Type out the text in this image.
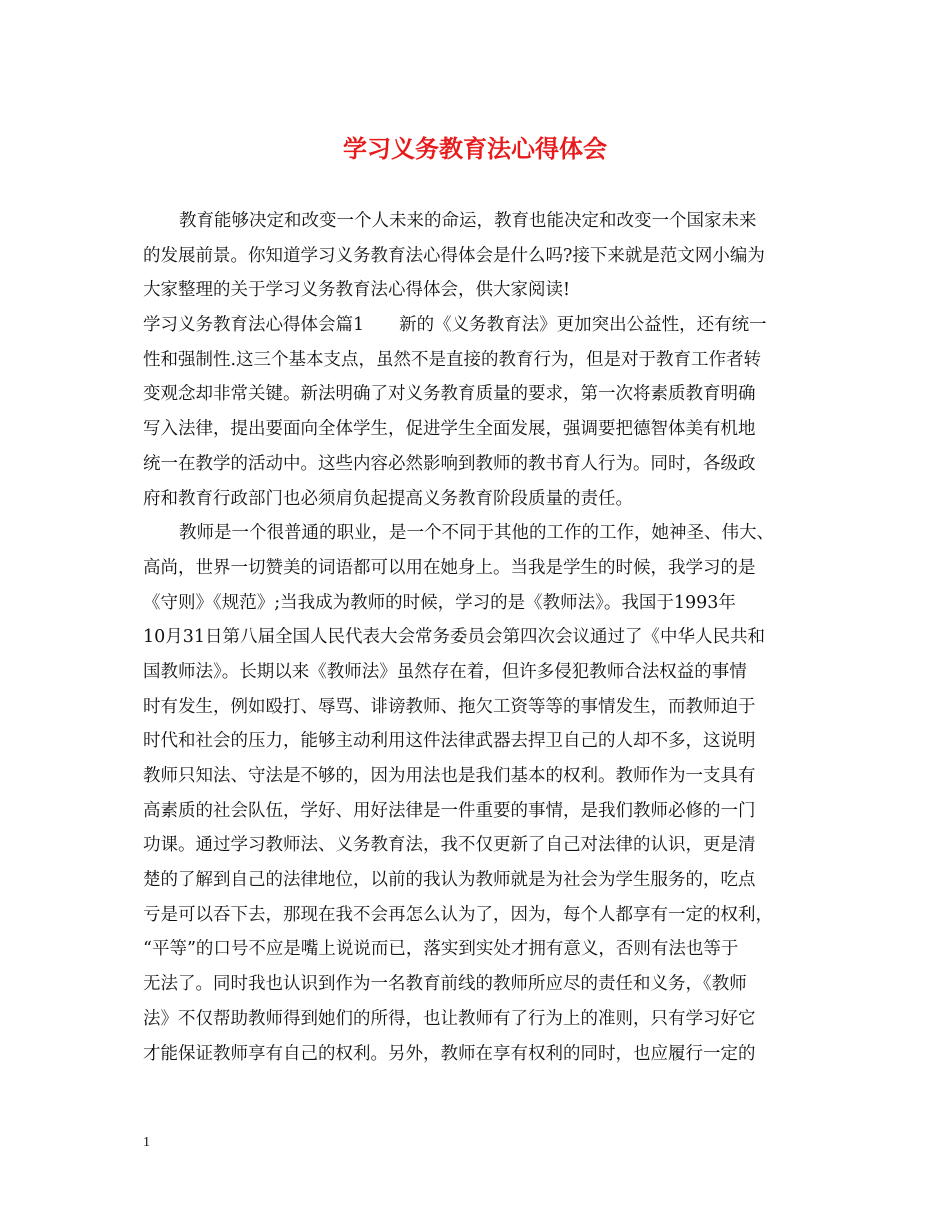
学习义务教育法心得体会
教育能够决定和改变一个人未来的命运，教育也能决定和改变一个国家未来
的发展前景。你知道学习义务教育法心得体会是什么吗?接下来就是范文网小编为
大家整理的关于学习义务教育法心得体会，供大家阅读!
学习义务教育法心得体会篇1　　新的《义务教育法》更加突出公益性，还有统一
性和强制性.这三个基本支点，虽然不是直接的教育行为，但是对于教育工作者转
变观念却非常关键。新法明确了对义务教育质量的要求，第一次将素质教育明确
写入法律，提出要面向全体学生，促进学生全面发展，强调要把德智体美有机地
统一在教学的活动中。这些内容必然影响到教师的教书育人行为。同时，各级政
府和教育行政部门也必须肩负起提高义务教育阶段质量的责任。
教师是一个很普通的职业，是一个不同于其他的工作的工作，她神圣、伟大、
高尚，世界一切赞美的词语都可以用在她身上。当我是学生的时候，我学习的是
《守则》《规范》;当我成为教师的时候，学习的是《教师法》。我国于1993年
10月31日第八届全国人民代表大会常务委员会第四次会议通过了《中华人民共和
国教师法》。长期以来《教师法》虽然存在着，但许多侵犯教师合法权益的事情
时有发生，例如殴打、辱骂、诽谤教师、拖欠工资等等的事情发生，而教师迫于
时代和社会的压力，能够主动利用这件法律武器去捍卫自己的人却不多，这说明
教师只知法、守法是不够的，因为用法也是我们基本的权利。教师作为一支具有
高素质的社会队伍，学好、用好法律是一件重要的事情，是我们教师必修的一门
功课。通过学习教师法、义务教育法，我不仅更新了自己对法律的认识，更是清
楚的了解到自己的法律地位，以前的我认为教师就是为社会为学生服务的，吃点
亏是可以吞下去，那现在我不会再怎么认为了，因为，每个人都享有一定的权利，
“平等”的口号不应是嘴上说说而已，落实到实处才拥有意义，否则有法也等于
无法了。同时我也认识到作为一名教育前线的教师所应尽的责任和义务，《教师
法》不仅帮助教师得到她们的所得，也让教师有了行为上的准则，只有学习好它
才能保证教师享有自己的权利。另外，教师在享有权利的同时，也应履行一定的
1
